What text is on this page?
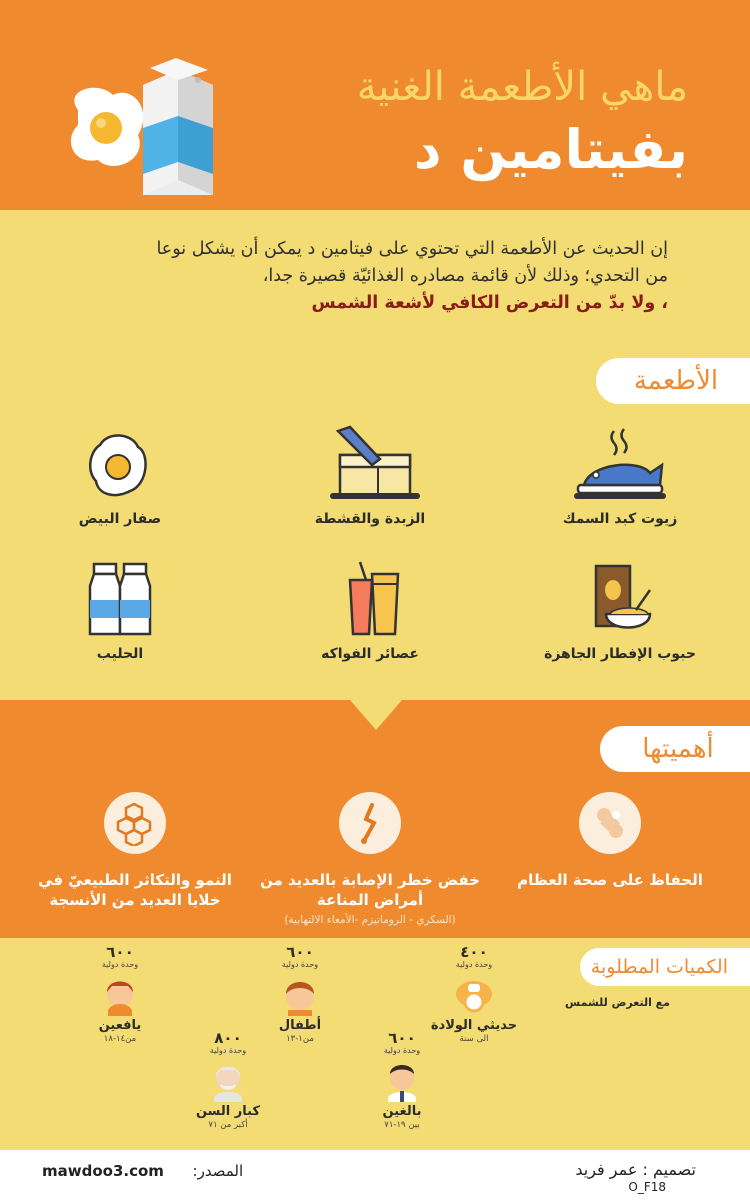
ماهي الأطعمة الغنية
بفيتامين د
إن الحديث عن الأطعمة التي تحتوي على فيتامين د يمكن أن يشكل نوعا
من التحدي؛ وذلك لأن قائمة مصادره الغذائيّة قصيرة جدا،
، ولا بدّ من التعرض الكافي لأشعة الشمس
الأطعمة
زيوت كبد السمك
الزبدة والقشطة
صفار البيض
حبوب الإفطار الجاهزة
عصائر الفواكه
الحليب
أهميتها
الحفاظ على صحة العظام
خفض خطر الإصابة بالعديد من
أمراض المناعة
(السكري - الروماتيزم -الأمعاء الالتهابية)
النمو والتكاثر الطبيعيّ في
خلايا العديد من الأنسجة
الكميات المطلوبة
مع التعرض للشمس
٤٠٠
وحدة دولية
حديثي الولادة
الى سنة
٦٠٠
وحدة دولية
أطفال
من١-١٣
٦٠٠
وحدة دولية
يافعين
من١٤-١٨	٦٠٠
وحدة دولية
بالغين
بين ١٩-٧١
٨٠٠
وحدة دولية
كبار السن
أكبر من ٧١
المصدر:      mawdoo3.com	تصميم : عمر فريد
O_F18
